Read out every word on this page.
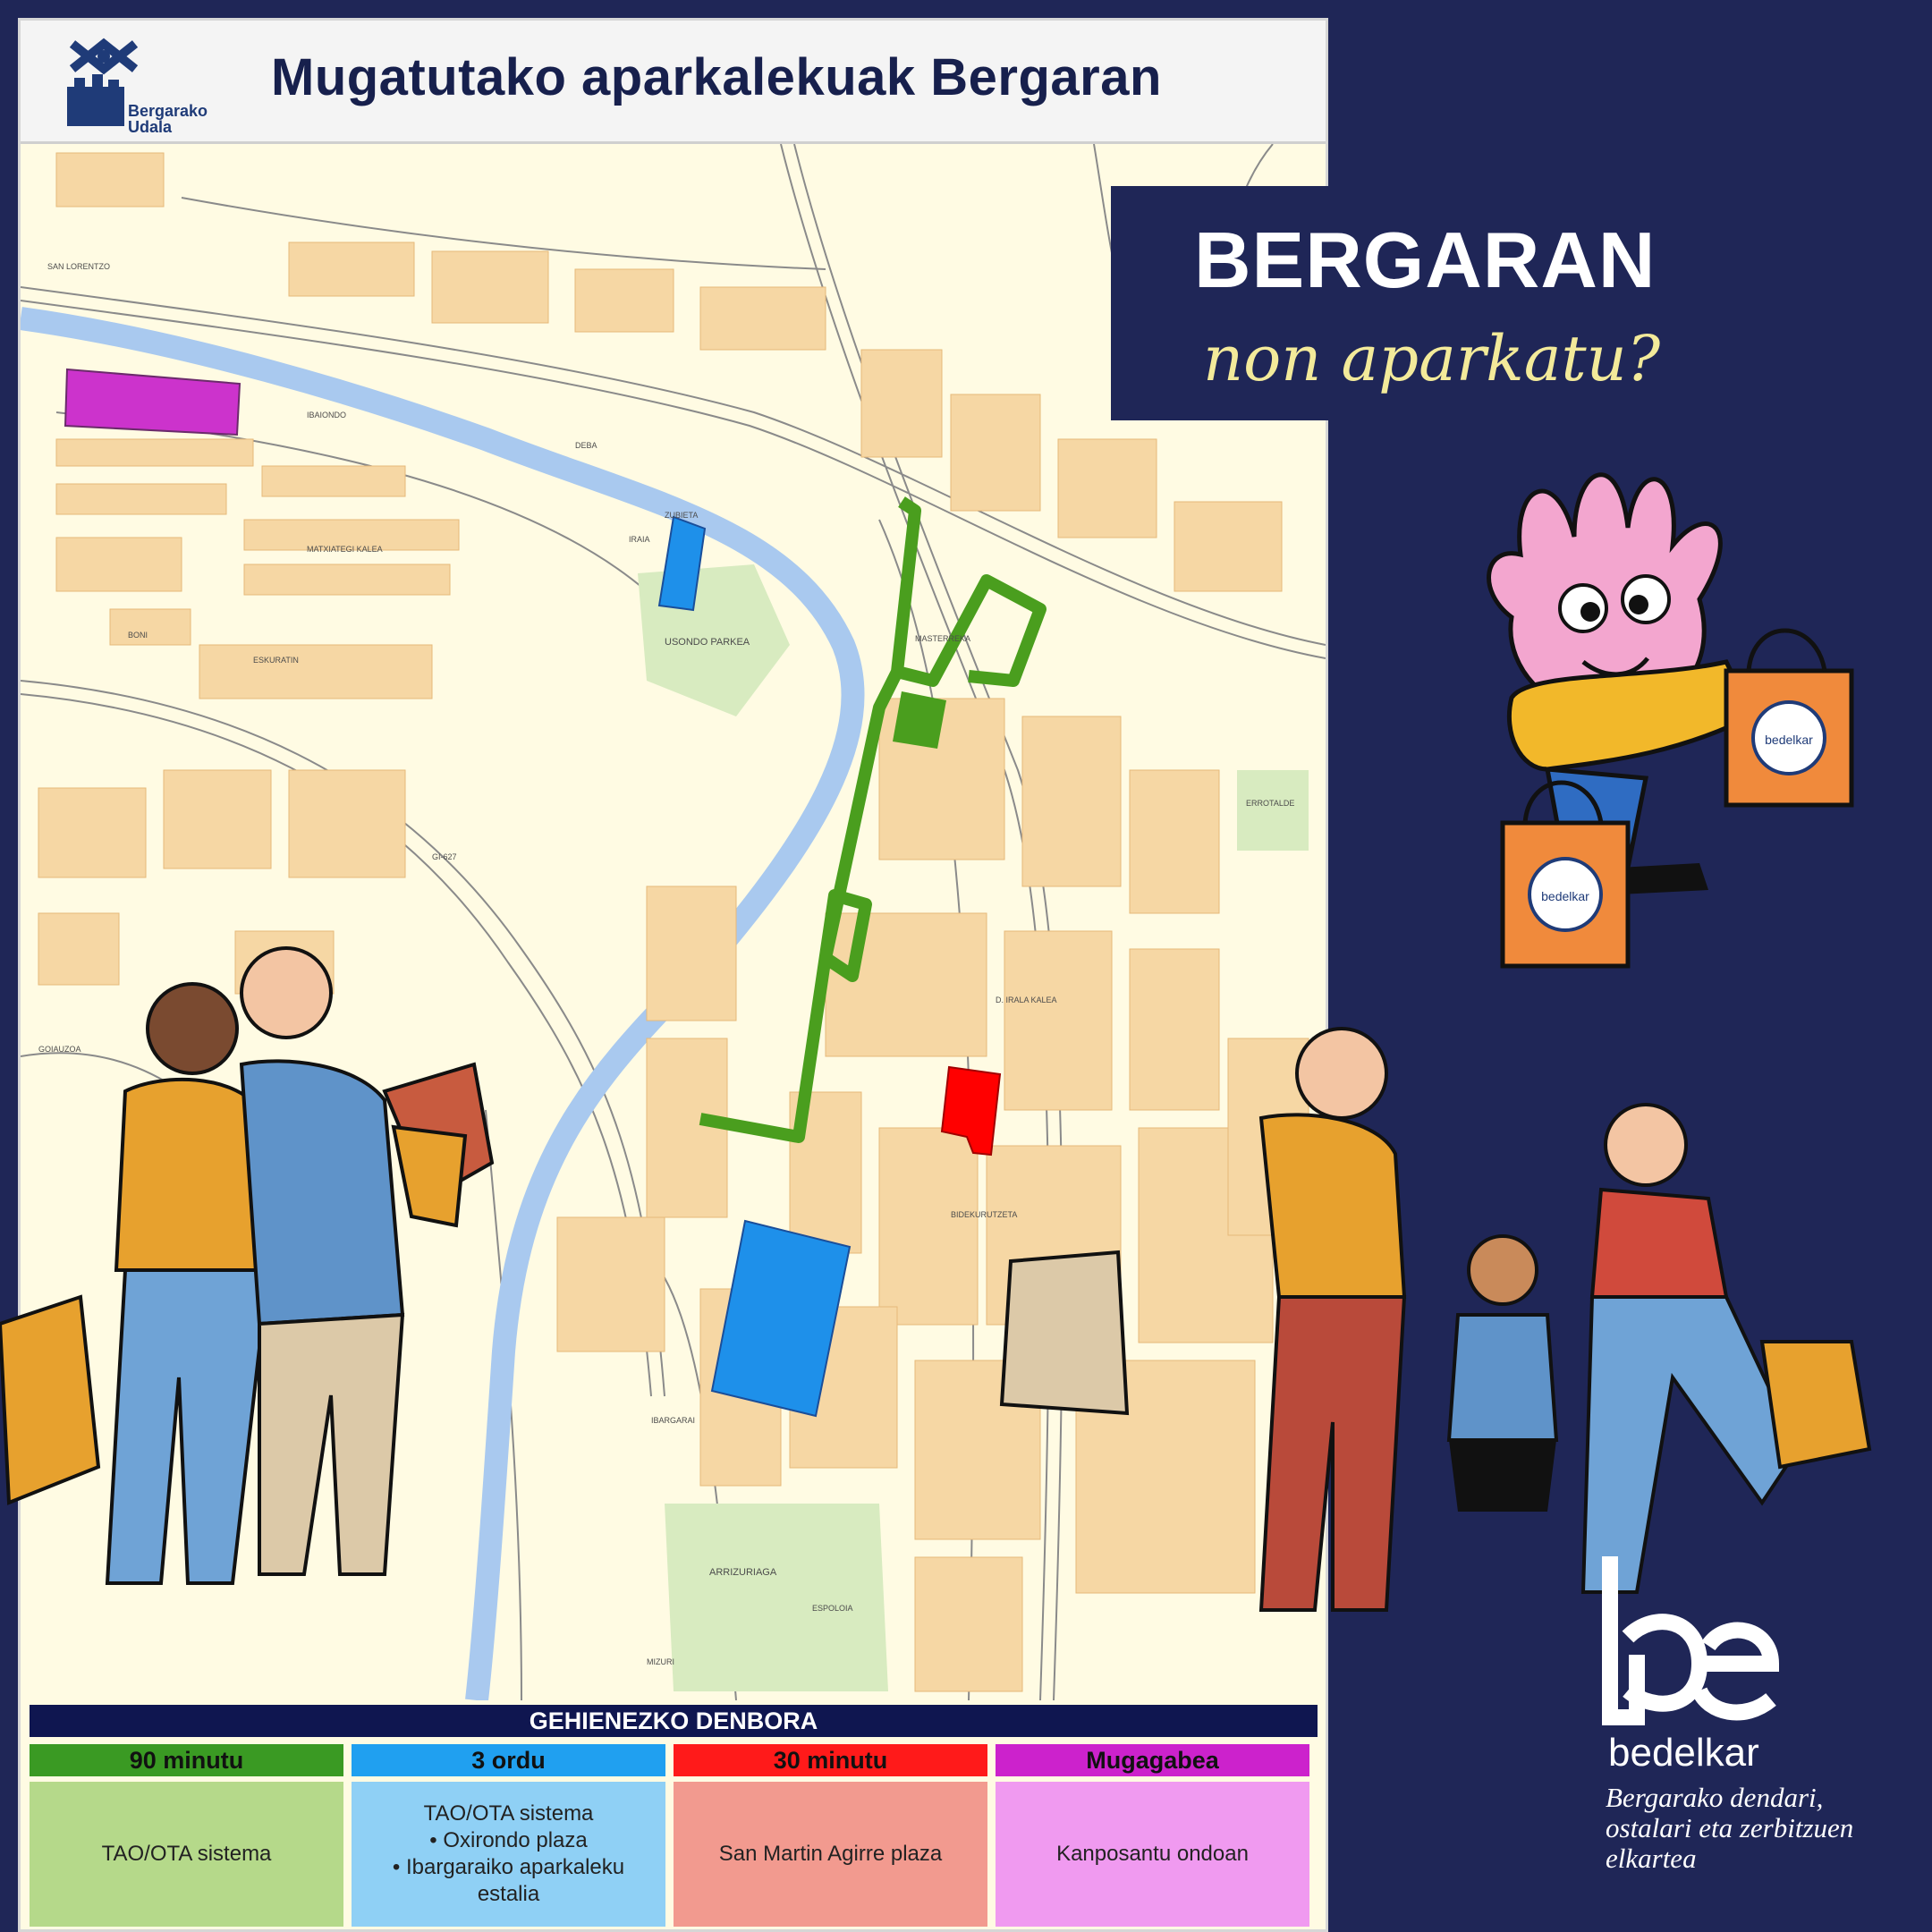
Bergarako
Udala
Mugatutako aparkalekuak Bergaran
SAN LORENTZO
IBAIONDO
DEBA
ZUBIETA
IRAIA
MATXIATEGI KALEA
BONI
ESKURATIN
MASTERREKA
GI-627
D. IRALA KALEA
BIDEKURUTZETA
GOIAUZOA
IBARGARAI
ESPOLOIA
MIZURI
ERROTALDE
USONDO PARKEA
ARRIZURIAGA
GEHIENEZKO DENBORA
90 minutu
TAO/OTA sistema
3 ordu
TAO/OTA sistema
• Oxirondo plaza
• Ibargaraiko aparkaleku
estalia
30 minutu
San Martin Agirre plaza
Mugagabea
Kanposantu ondoan
BERGARAN
non aparkatu?
bedelkar
bedelkar
bedelkar
Bergarako dendari,
ostalari eta zerbitzuen
elkartea
